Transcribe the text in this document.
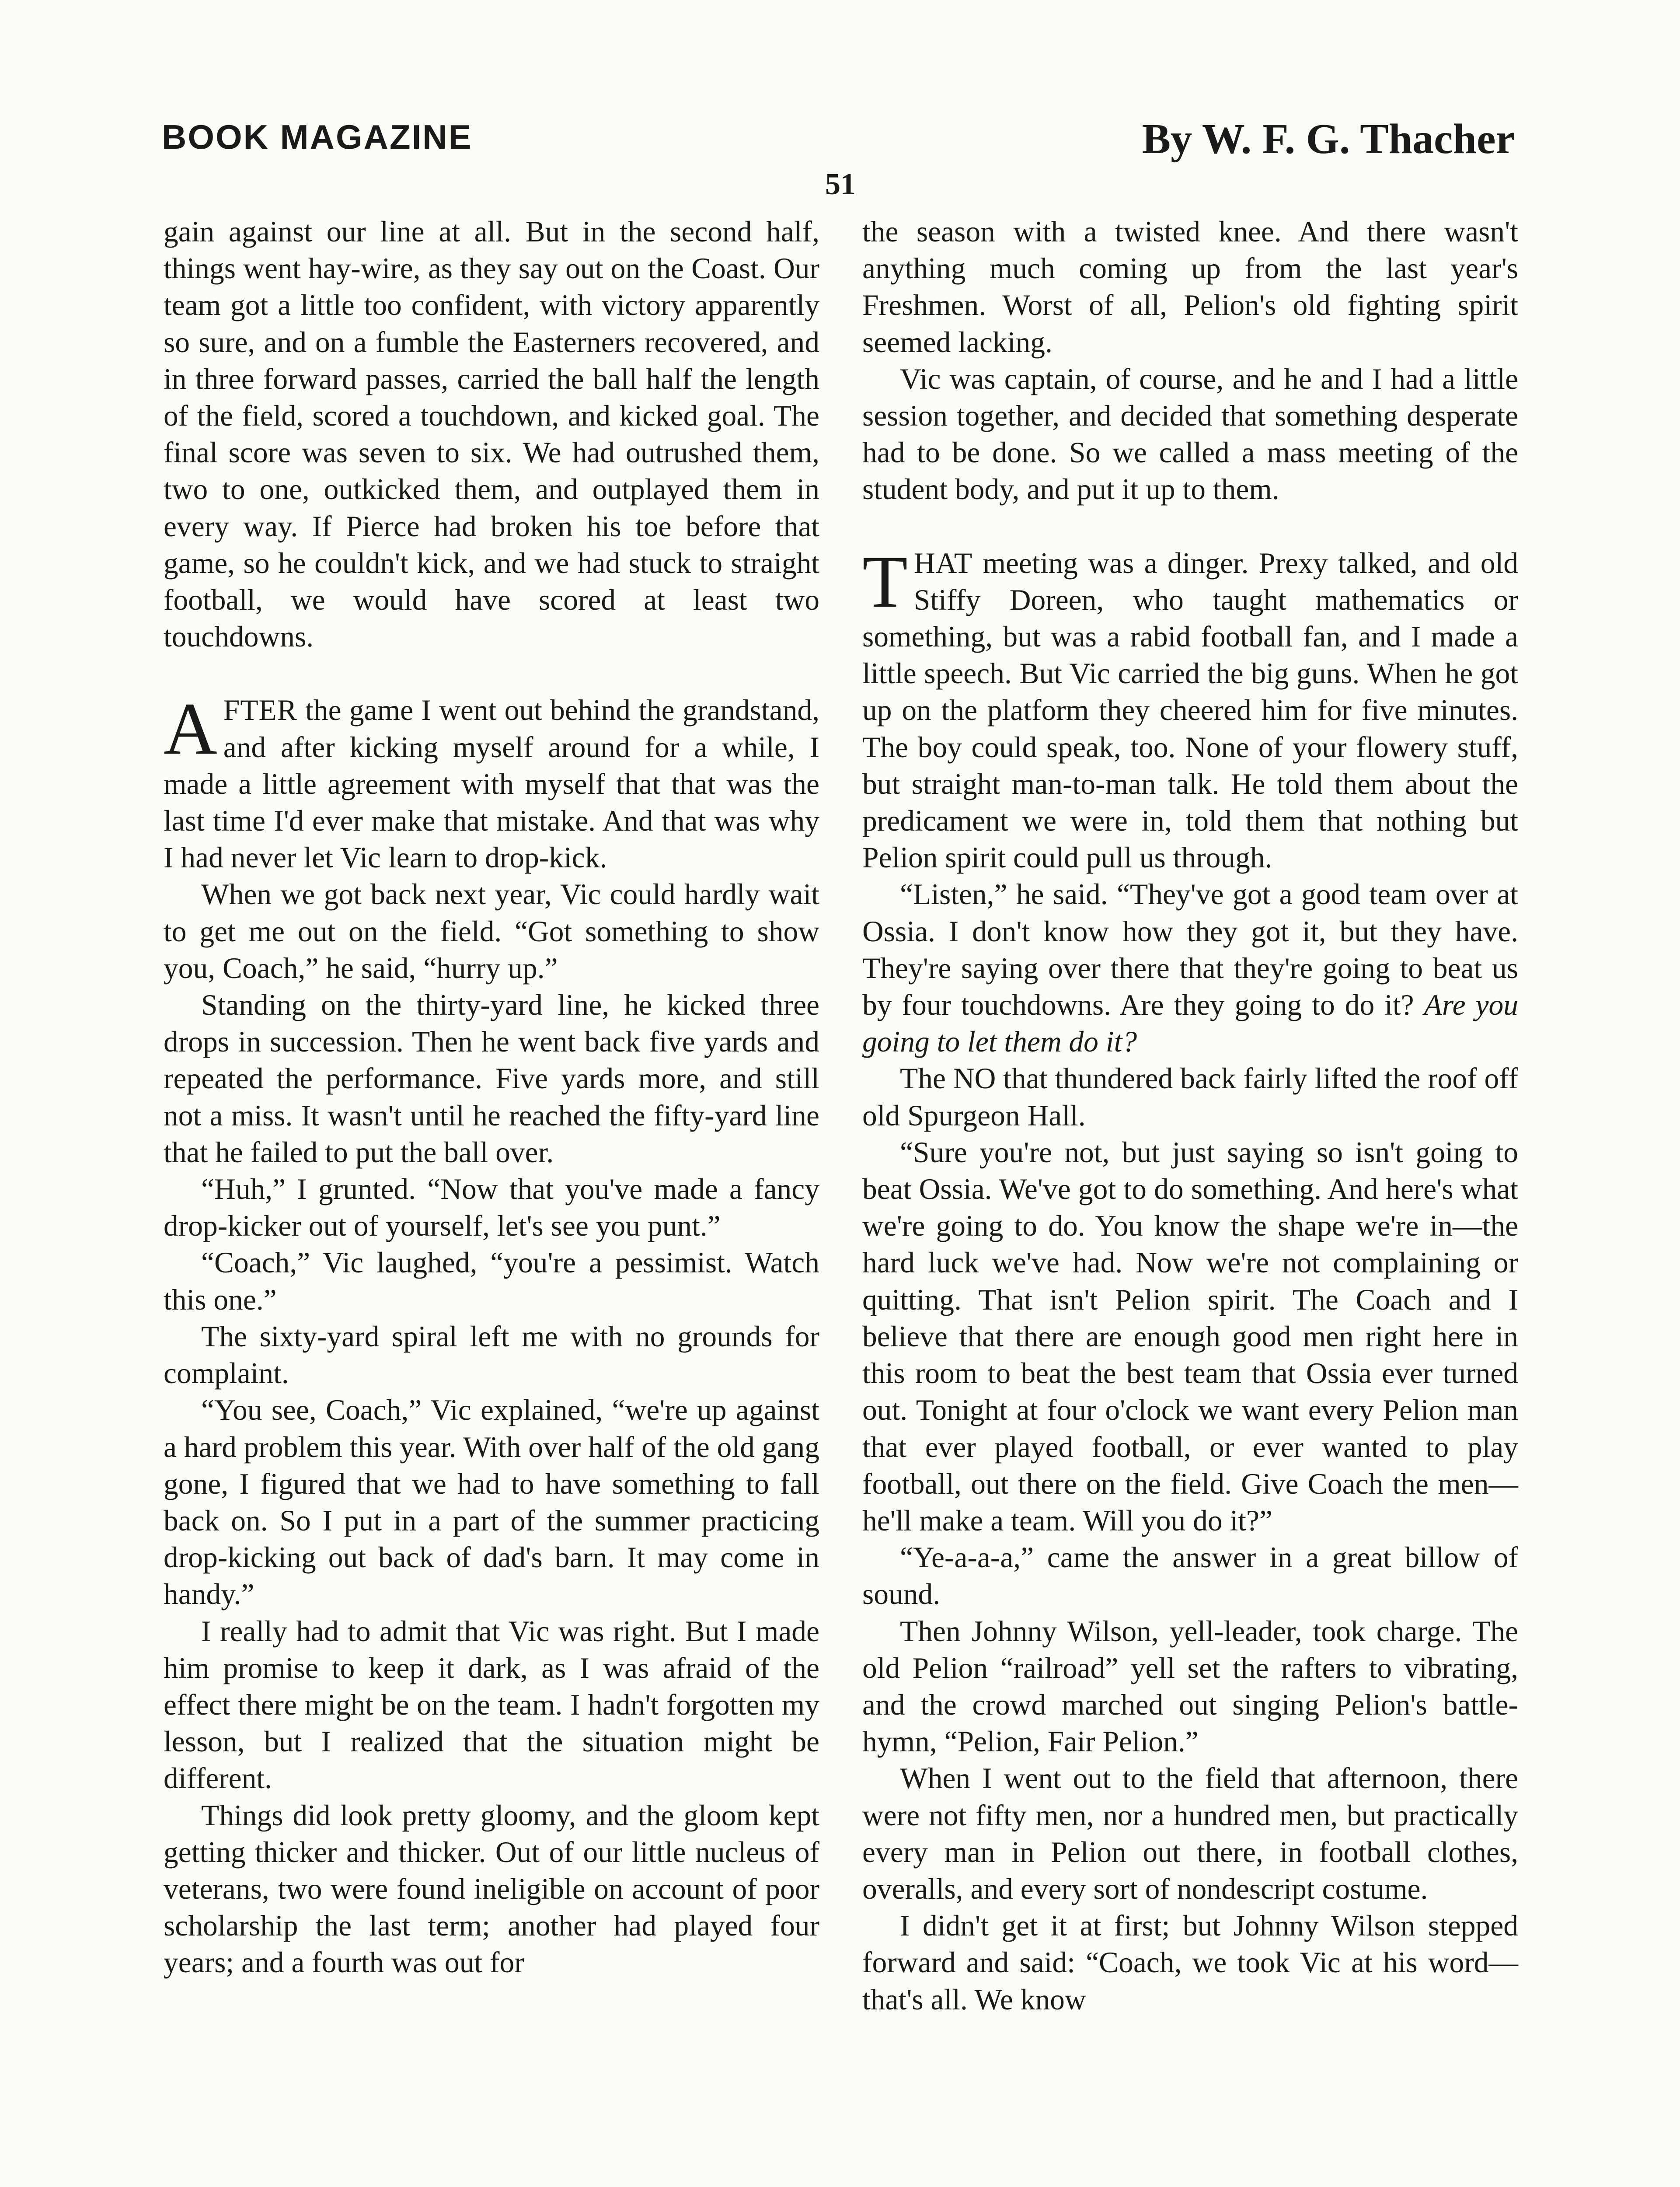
BOOK MAGAZINE	By W. F. G. Thacher
51

gain against our line at all. But in the second half, things went hay-wire, as they say out on the Coast. Our team got a little too confident, with victory apparently so sure, and on a fumble the Easterners recovered, and in three forward passes, carried the ball half the length of the field, scored a touchdown, and kicked goal. The final score was seven to six. We had outrushed them, two to one, outkicked them, and outplayed them in every way. If Pierce had broken his toe before that game, so he couldn't kick, and we had stuck to straight football, we would have scored at least two touchdowns.

AFTER the game I went out behind the grandstand, and after kicking myself around for a while, I made a little agreement with myself that that was the last time I'd ever make that mistake. And that was why I had never let Vic learn to drop-kick.

When we got back next year, Vic could hardly wait to get me out on the field. “Got something to show you, Coach,” he said, “hurry up.”

Standing on the thirty-yard line, he kicked three drops in succession. Then he went back five yards and repeated the performance. Five yards more, and still not a miss. It wasn't until he reached the fifty-yard line that he failed to put the ball over.

“Huh,” I grunted. “Now that you've made a fancy drop-kicker out of yourself, let's see you punt.”

“Coach,” Vic laughed, “you're a pessimist. Watch this one.”

The sixty-yard spiral left me with no grounds for complaint.

“You see, Coach,” Vic explained, “we're up against a hard problem this year. With over half of the old gang gone, I figured that we had to have something to fall back on. So I put in a part of the summer practicing drop-kicking out back of dad's barn. It may come in handy.”

I really had to admit that Vic was right. But I made him promise to keep it dark, as I was afraid of the effect there might be on the team. I hadn't forgotten my lesson, but I realized that the situation might be different.

Things did look pretty gloomy, and the gloom kept getting thicker and thicker. Out of our little nucleus of veterans, two were found ineligible on account of poor scholarship the last term; another had played four years; and a fourth was out for

the season with a twisted knee. And there wasn't anything much coming up from the last year's Freshmen. Worst of all, Pelion's old fighting spirit seemed lacking.

Vic was captain, of course, and he and I had a little session together, and decided that something desperate had to be done. So we called a mass meeting of the student body, and put it up to them.

THAT meeting was a dinger. Prexy talked, and old Stiffy Doreen, who taught mathematics or something, but was a rabid football fan, and I made a little speech. But Vic carried the big guns. When he got up on the platform they cheered him for five minutes. The boy could speak, too. None of your flowery stuff, but straight man-to-man talk. He told them about the predicament we were in, told them that nothing but Pelion spirit could pull us through.

“Listen,” he said. “They've got a good team over at Ossia. I don't know how they got it, but they have. They're saying over there that they're going to beat us by four touchdowns. Are they going to do it? Are you going to let them do it?

The NO that thundered back fairly lifted the roof off old Spurgeon Hall.

“Sure you're not, but just saying so isn't going to beat Ossia. We've got to do something. And here's what we're going to do. You know the shape we're in—the hard luck we've had. Now we're not complaining or quitting. That isn't Pelion spirit. The Coach and I believe that there are enough good men right here in this room to beat the best team that Ossia ever turned out. Tonight at four o'clock we want every Pelion man that ever played football, or ever wanted to play football, out there on the field. Give Coach the men—he'll make a team. Will you do it?”

“Ye-a-a-a,” came the answer in a great billow of sound.

Then Johnny Wilson, yell-leader, took charge. The old Pelion “railroad” yell set the rafters to vibrating, and the crowd marched out singing Pelion's battle-hymn, “Pelion, Fair Pelion.”

When I went out to the field that afternoon, there were not fifty men, nor a hundred men, but practically every man in Pelion out there, in football clothes, overalls, and every sort of nondescript costume.

I didn't get it at first; but Johnny Wilson stepped forward and said: “Coach, we took Vic at his word—that's all. We know
